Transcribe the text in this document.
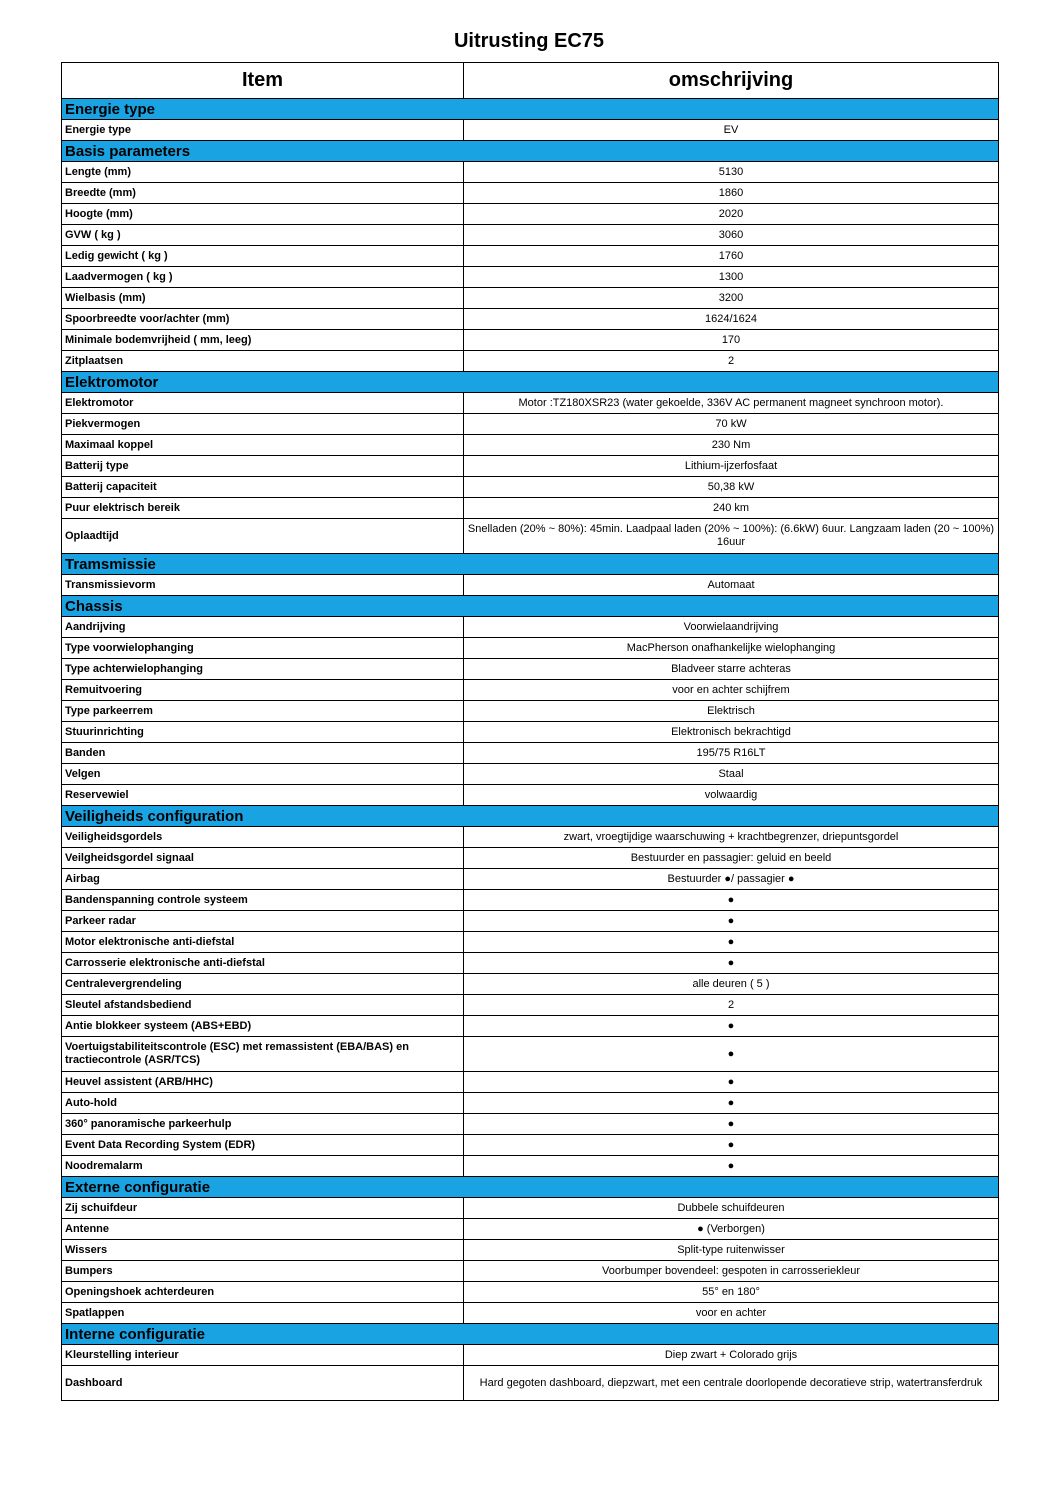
Uitrusting EC75
Item	omschrijving
Energie type	
Energie type	EV
Basis parameters	
Lengte (mm)	5130
Breedte (mm)	1860
Hoogte (mm)	2020
GVW ( kg )	3060
Ledig gewicht ( kg )	1760
Laadvermogen ( kg )	1300
Wielbasis (mm)	3200
Spoorbreedte voor/achter (mm)	1624/1624
Minimale bodemvrijheid ( mm, leeg)	170
Zitplaatsen	2
Elektromotor	
Elektromotor	Motor :TZ180XSR23 (water gekoelde, 336V AC permanent magneet synchroon motor).
Piekvermogen	70 kW
Maximaal koppel	230 Nm
Batterij type	Lithium-ijzerfosfaat
Batterij capaciteit	50,38 kW
Puur elektrisch bereik	240 km
Oplaadtijd	Snelladen (20% ~ 80%): 45min. Laadpaal laden (20% ~ 100%): (6.6kW) 6uur. Langzaam laden (20 ~ 100%) 16uur
Tramsmissie	
Transmissievorm	Automaat
Chassis	
Aandrijving	Voorwielaandrijving
Type voorwielophanging	MacPherson onafhankelijke wielophanging
Type achterwielophanging	Bladveer starre achteras
Remuitvoering	voor en achter schijfrem
Type parkeerrem	Elektrisch
Stuurinrichting	Elektronisch bekrachtigd
Banden	195/75 R16LT
Velgen	Staal
Reservewiel	volwaardig
Veiligheids configuration	
Veiligheidsgordels	zwart, vroegtijdige waarschuwing + krachtbegrenzer, driepuntsgordel
Veilgheidsgordel signaal	Bestuurder en passagier: geluid en beeld
Airbag	Bestuurder ●/ passagier ●
Bandenspanning controle systeem	●
Parkeer radar	●
Motor elektronische anti-diefstal	●
Carrosserie elektronische anti-diefstal	●
Centralevergrendeling	alle deuren ( 5 )
Sleutel afstandsbediend	2
Antie blokkeer systeem (ABS+EBD)	●
Voertuigstabiliteitscontrole (ESC) met remassistent (EBA/BAS) en tractiecontrole (ASR/TCS)	●
Heuvel assistent (ARB/HHC)	●
Auto-hold	●
360° panoramische parkeerhulp	●
Event Data Recording System (EDR)	●
Noodremalarm	●
Externe configuratie	
Zij schuifdeur	Dubbele schuifdeuren
Antenne	● (Verborgen)
Wissers	Split-type ruitenwisser
Bumpers	Voorbumper bovendeel: gespoten in carrosseriekleur
Openingshoek achterdeuren	55° en 180°
Spatlappen	voor en achter
Interne configuratie	
Kleurstelling interieur	Diep zwart + Colorado grijs
Dashboard	Hard gegoten dashboard, diepzwart, met een centrale doorlopende decoratieve strip, watertransferdruk
